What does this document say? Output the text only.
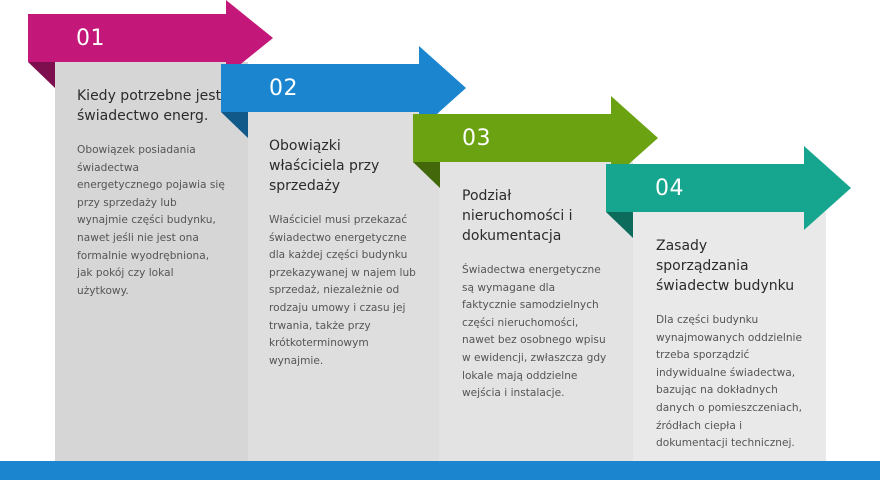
Kiedy potrzebne jest świadectwo energ.

Obowiązek posiadania świadectwa energetycznego pojawia się przy sprzedaży lub wynajmie części budynku, nawet jeśli nie jest ona formalnie wyodrębniona, jak pokój czy lokal użytkowy.

Obowiązki właściciela przy sprzedaży

Właściciel musi przekazać świadectwo energetyczne dla każdej części budynku przekazywanej w najem lub sprzedaż, niezależnie od rodzaju umowy i czasu jej trwania, także przy krótkoterminowym wynajmie.

Podział nieruchomości i dokumentacja

Świadectwa energetyczne są wymagane dla faktycznie samodzielnych części nieruchomości, nawet bez osobnego wpisu w ewidencji, zwłaszcza gdy lokale mają oddzielne wejścia i instalacje.

Zasady sporządzania świadectw budynku

Dla części budynku wynajmowanych oddzielnie trzeba sporządzić indywidualne świadectwa, bazując na dokładnych danych o pomieszczeniach, źródłach ciepła i dokumentacji technicznej.

01
02
03
04
